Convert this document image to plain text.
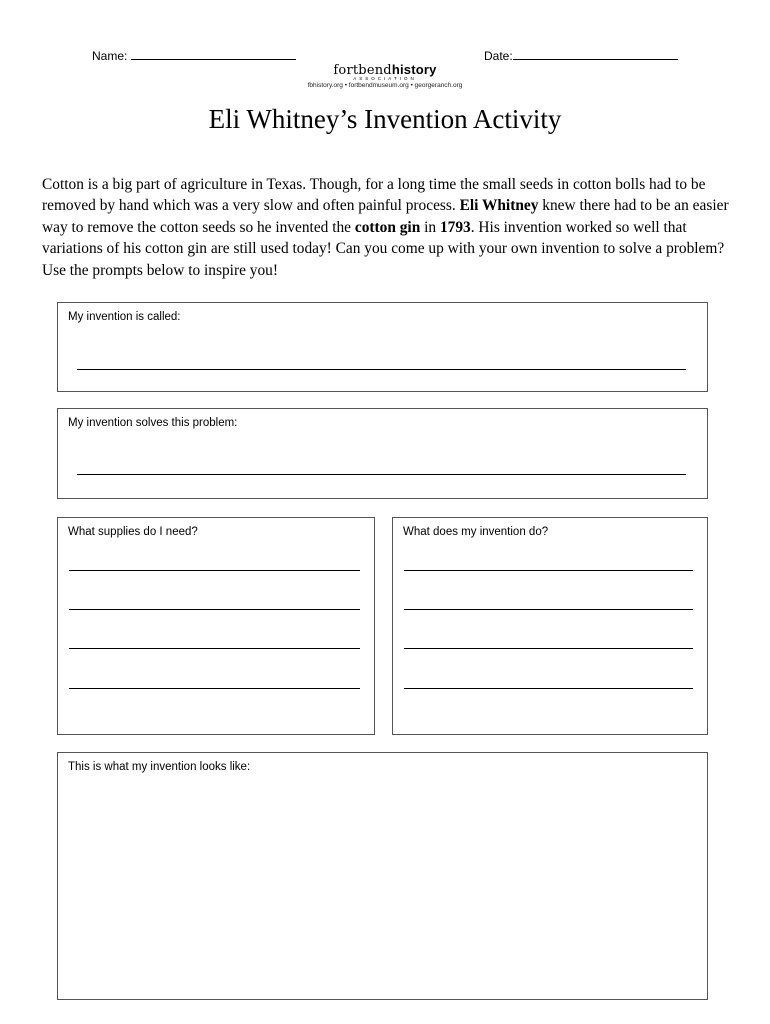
Name:	Date:
fortbendhistory
ASSOCIATION
fbhistory.org • fortbendmuseum.org • georgeranch.org
Eli Whitney’s Invention Activity
Cotton is a big part of agriculture in Texas. Though, for a long time the small seeds in cotton bolls had to be removed by hand which was a very slow and often painful process. Eli Whitney knew there had to be an easier way to remove the cotton seeds so he invented the cotton gin in 1793. His invention worked so well that variations of his cotton gin are still used today! Can you come up with your own invention to solve a problem? Use the prompts below to inspire you!
My invention is called:
My invention solves this problem:
What supplies do I need?	What does my invention do?
This is what my invention looks like:
